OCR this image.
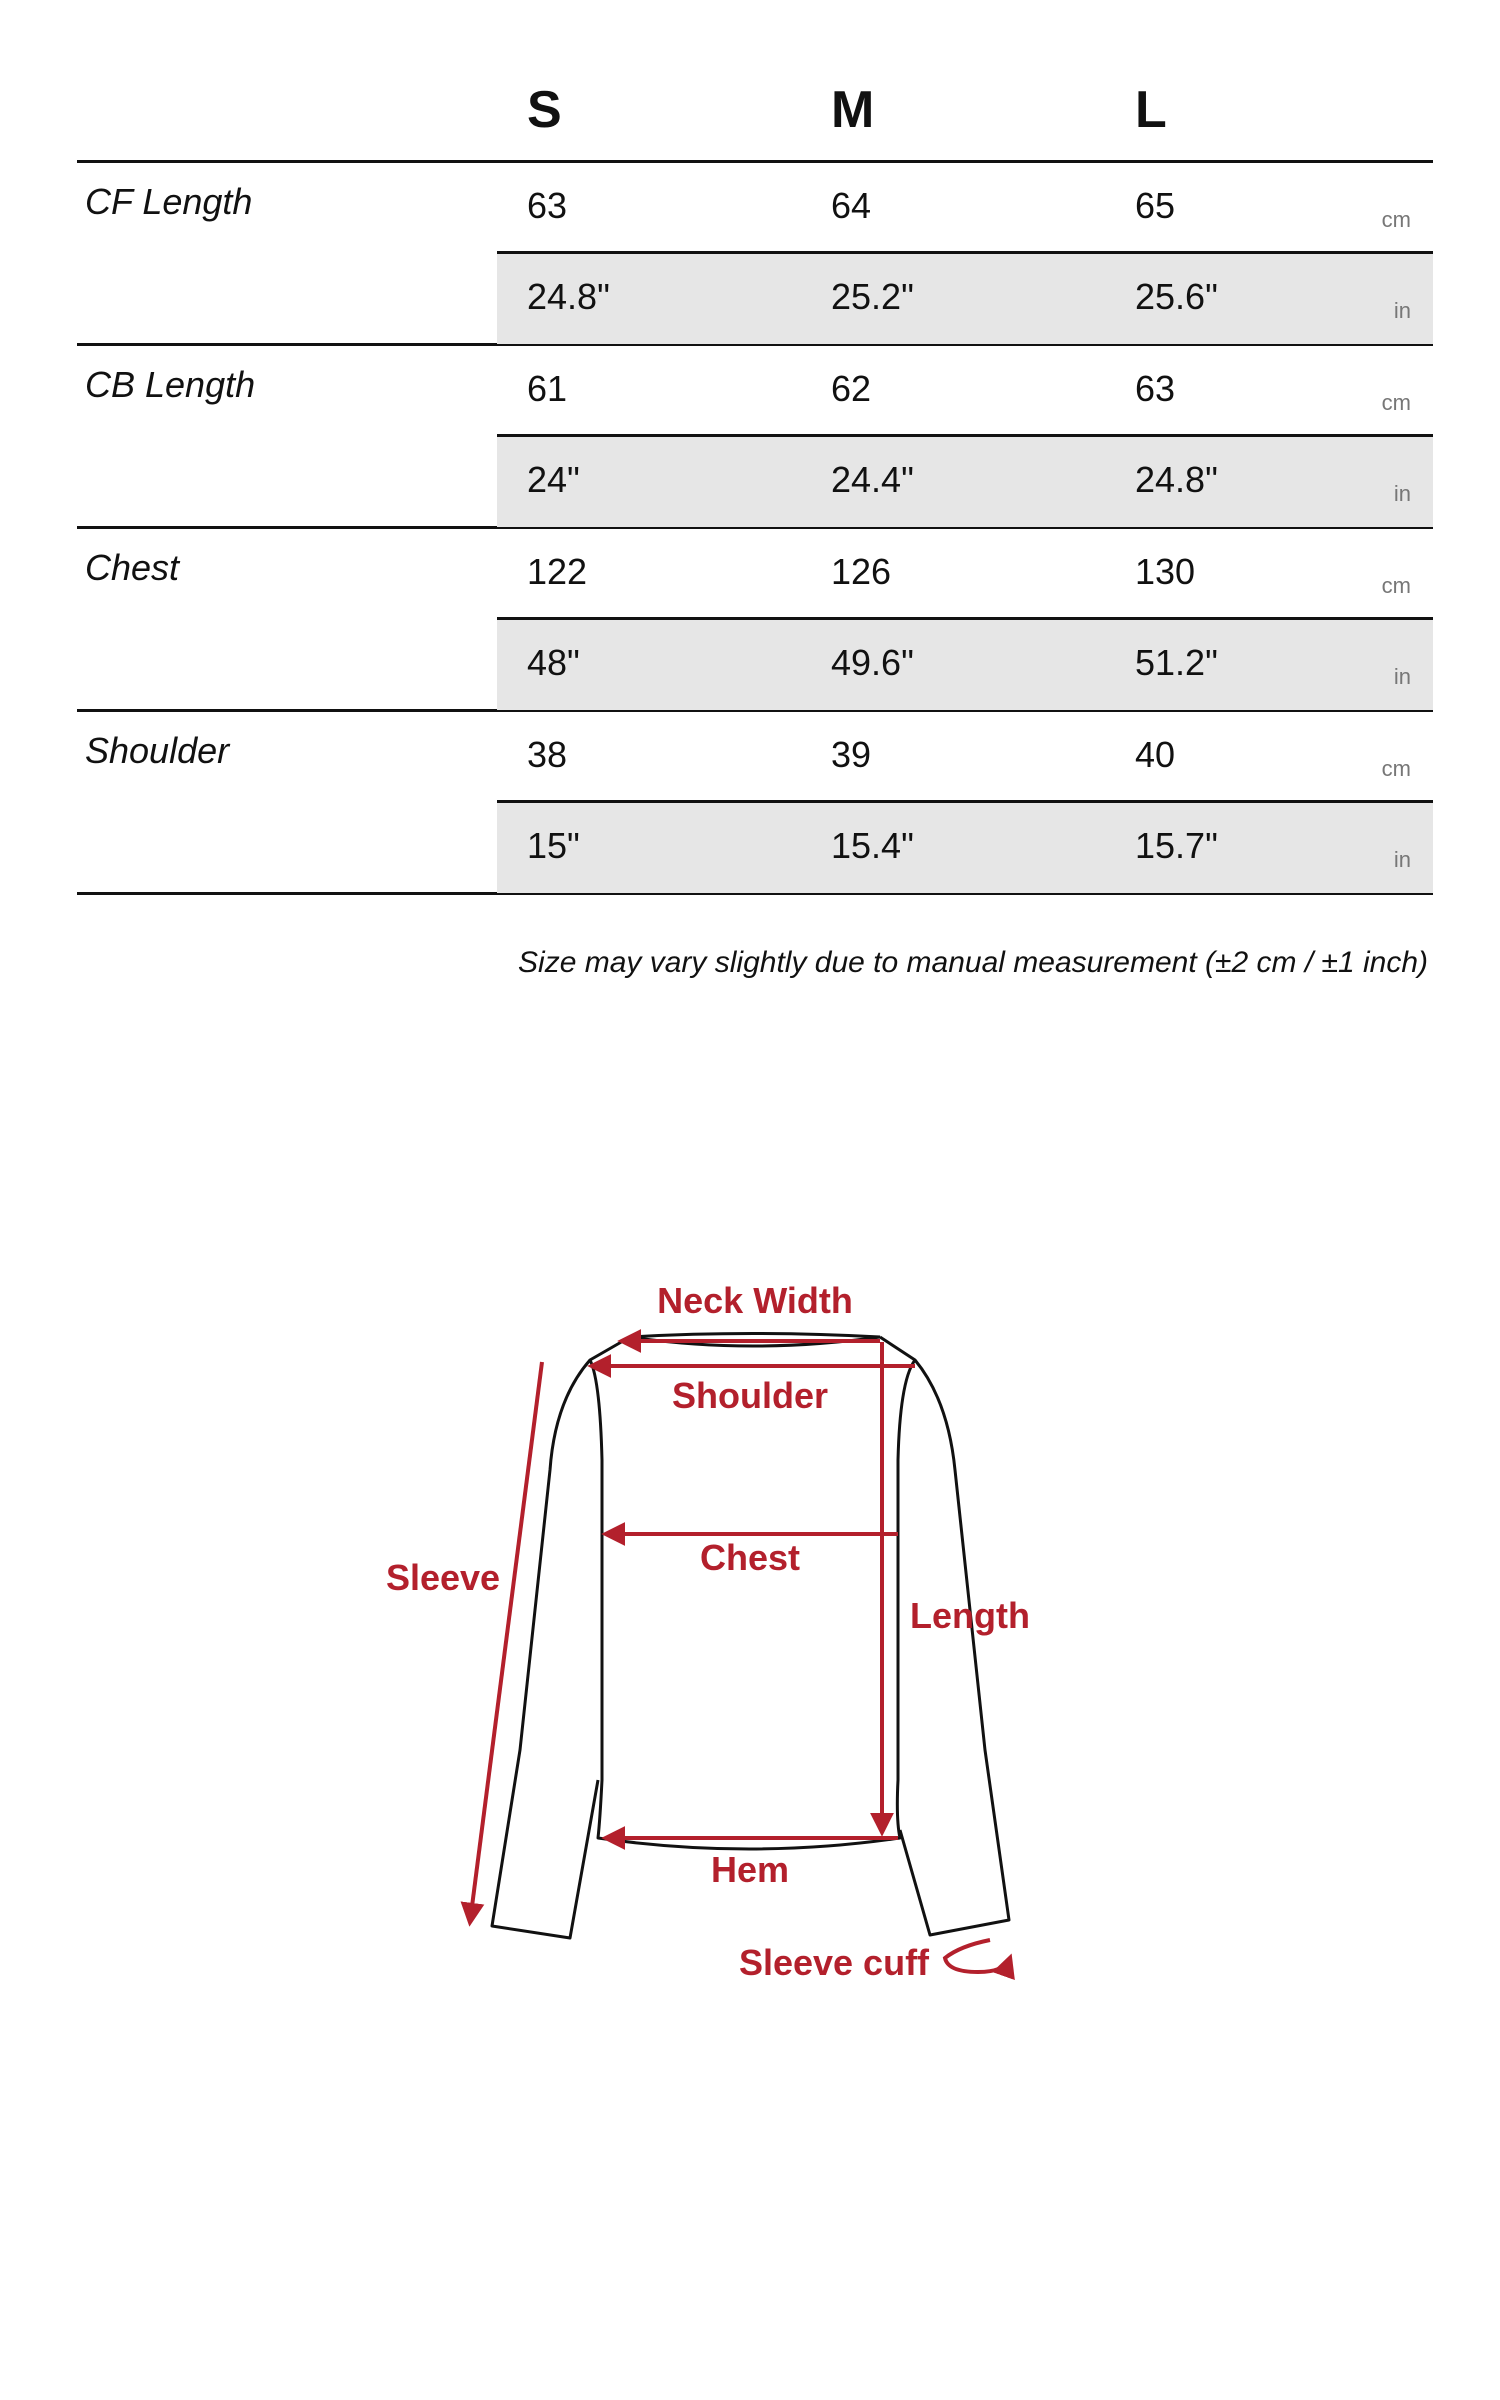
S	M	L
CF Length	63	64	65	cm
24.8"	25.2"	25.6"	in
CB Length	61	62	63	cm
24"	24.4"	24.8"	in
Chest	122	126	130	cm
48"	49.6"	51.2"	in
Shoulder	38	39	40	cm
15"	15.4"	15.7"	in
Size may vary slightly due to manual measurement (±2 cm / ±1 inch)
Neck Width
Shoulder
Chest
Sleeve
Length
Hem
Sleeve cuff
